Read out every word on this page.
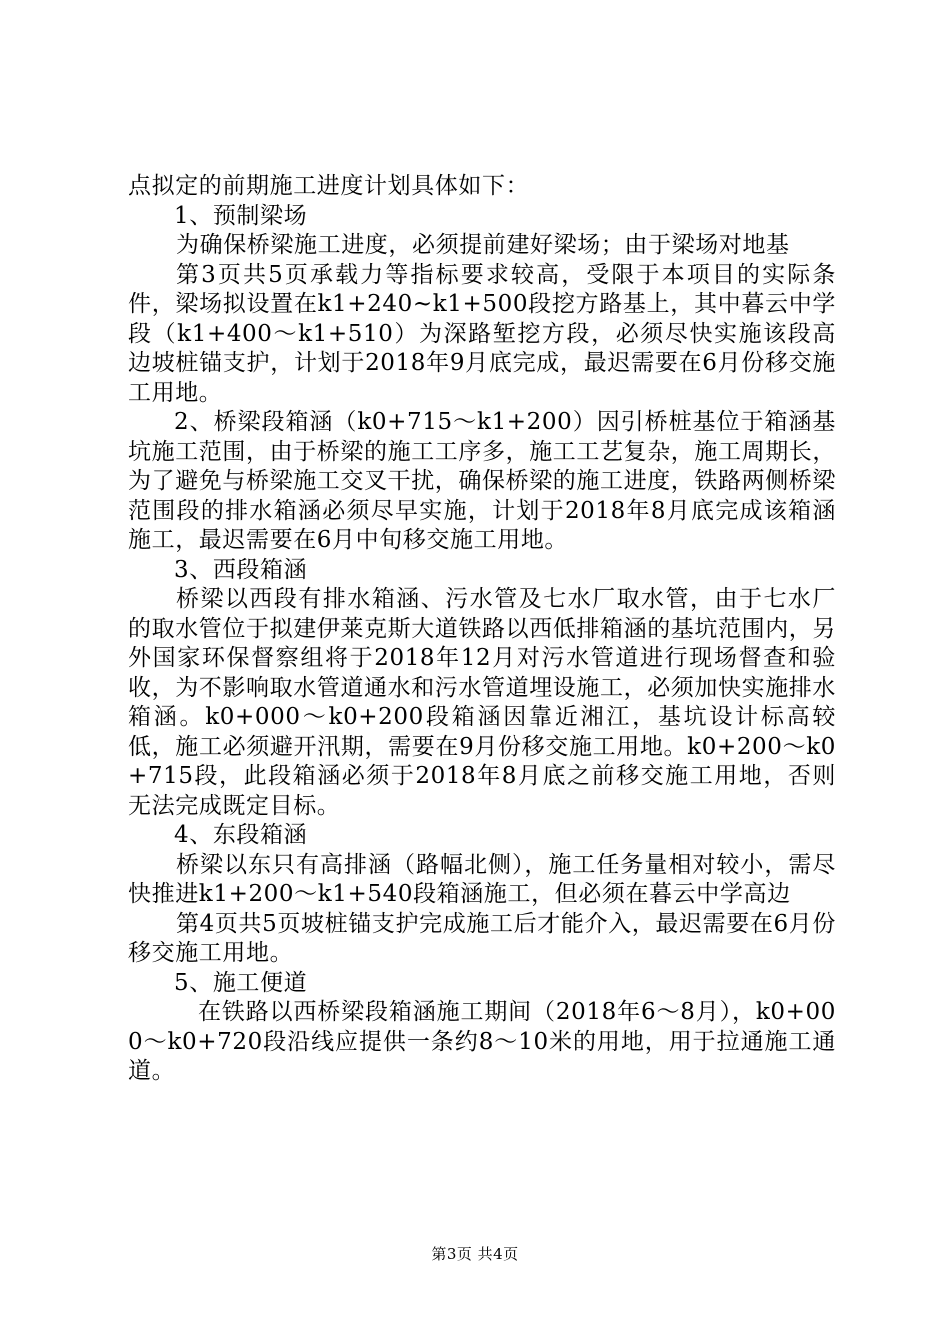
点拟定的前期施工进度计划具体如下：

1、预制梁场

为确保桥梁施工进度，必须提前建好梁场；由于梁场对地基

第3页共5页承载力等指标要求较高，受限于本项目的实际条件，梁场拟设置在k1+240~k1+500段挖方路基上，其中暮云中学段（k1+400～k1+510）为深路堑挖方段，必须尽快实施该段高边坡桩锚支护，计划于2018年9月底完成，最迟需要在6月份移交施工用地。

2、桥梁段箱涵（k0+715～k1+200）因引桥桩基位于箱涵基坑施工范围，由于桥梁的施工工序多，施工工艺复杂，施工周期长，为了避免与桥梁施工交叉干扰，确保桥梁的施工进度，铁路两侧桥梁范围段的排水箱涵必须尽早实施，计划于2018年8月底完成该箱涵施工，最迟需要在6月中旬移交施工用地。

3、西段箱涵

桥梁以西段有排水箱涵、污水管及七水厂取水管，由于七水厂的取水管位于拟建伊莱克斯大道铁路以西低排箱涵的基坑范围内，另外国家环保督察组将于2018年12月对污水管道进行现场督查和验收，为不影响取水管道通水和污水管道埋设施工，必须加快实施排水箱涵。k0+000～k0+200段箱涵因靠近湘江，基坑设计标高较低，施工必须避开汛期，需要在9月份移交施工用地。k0+200～k0+715段，此段箱涵必须于2018年8月底之前移交施工用地，否则无法完成既定目标。

4、东段箱涵

桥梁以东只有高排涵（路幅北侧），施工任务量相对较小，需尽快推进k1+200～k1+540段箱涵施工，但必须在暮云中学高边

第4页共5页坡桩锚支护完成施工后才能介入，最迟需要在6月份移交施工用地。

5、施工便道

在铁路以西桥梁段箱涵施工期间（2018年6～8月），k0+000～k0+720段沿线应提供一条约8～10米的用地，用于拉通施工通道。

第3页 共4页
